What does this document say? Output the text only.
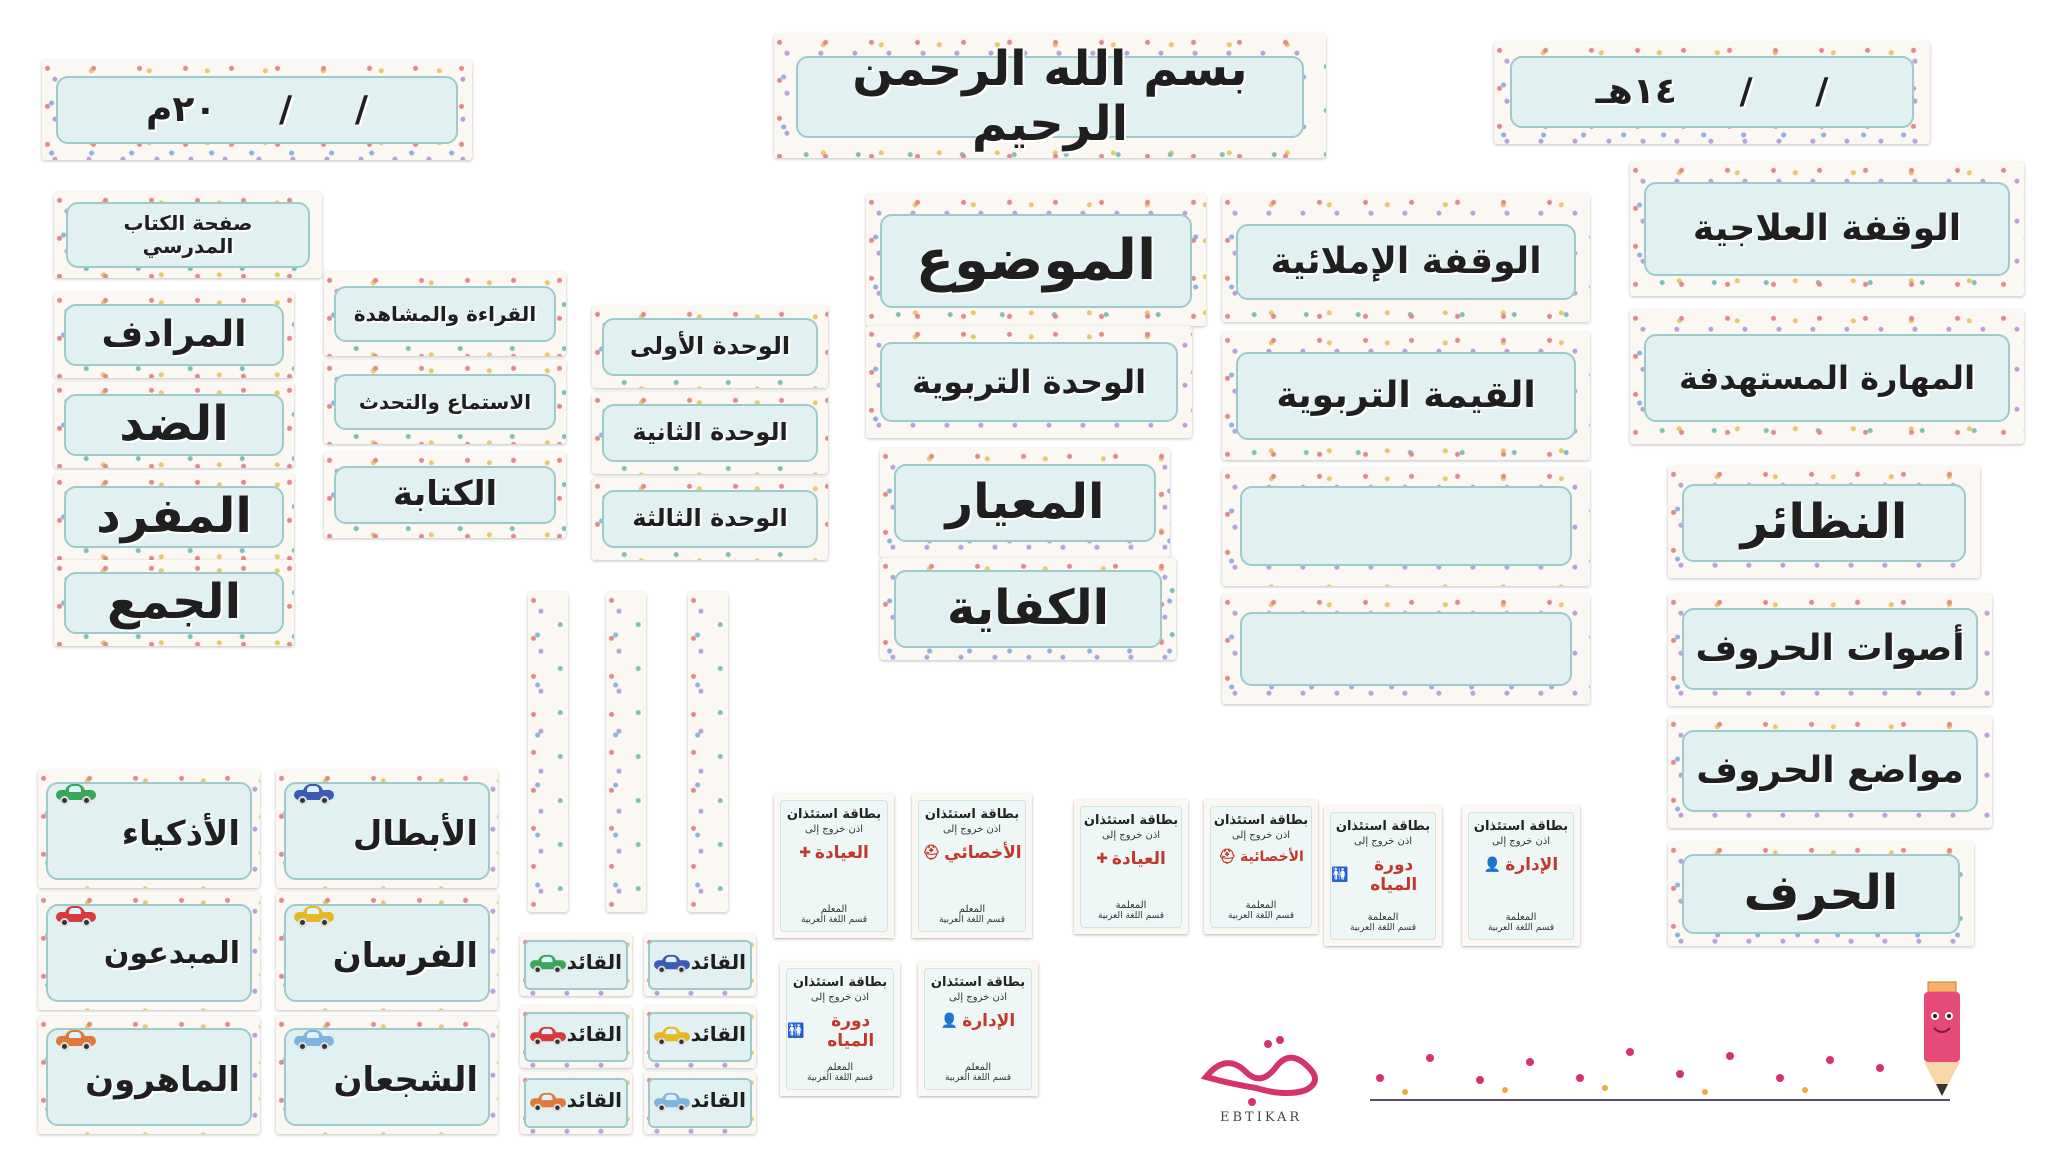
بسم الله الرحمن الرحيم
/     /     ١٤هـ
/     /     ٢٠م
الوقفة العلاجية
المهارة المستهدفة
النظائر
أصوات الحروف
مواضع الحروف
الحرف
الوقفة الإملائية
القيمة التربوية
الموضوع
الوحدة التربوية
المعيار
الكفاية
الوحدة الأولى
الوحدة الثانية
الوحدة الثالثة
القراءة والمشاهدة
الاستماع والتحدث
الكتابة
صفحة الكتاب المدرسي
المرادف
الضد
المفرد
الجمع
الأبطال
الأذكياء
الفرسان
المبدعون
الشجعان
الماهرون
القائد
القائد
القائد
القائد
القائد
القائد
بطاقة استئذان
اذن خروج إلى
الأخصائي
⛑
المعلم
قسم اللغة العربية
بطاقة استئذان
اذن خروج إلى
العيادة
✚
المعلم
قسم اللغة العربية
بطاقة استئذان
اذن خروج إلى
الإدارة
👤
المعلم
قسم اللغة العربية
بطاقة استئذان
اذن خروج إلى
دورة المياه
🚻
المعلم
قسم اللغة العربية
بطاقة استئذان
اذن خروج إلى
الإدارة
👤
المعلمة
قسم اللغة العربية
بطاقة استئذان
اذن خروج إلى
دورة المياه
🚻
المعلمة
قسم اللغة العربية
بطاقة استئذان
اذن خروج إلى
الأخصائية
⛑
المعلمة
قسم اللغة العربية
بطاقة استئذان
اذن خروج إلى
العيادة
✚
المعلمة
قسم اللغة العربية
EBTIKAR
